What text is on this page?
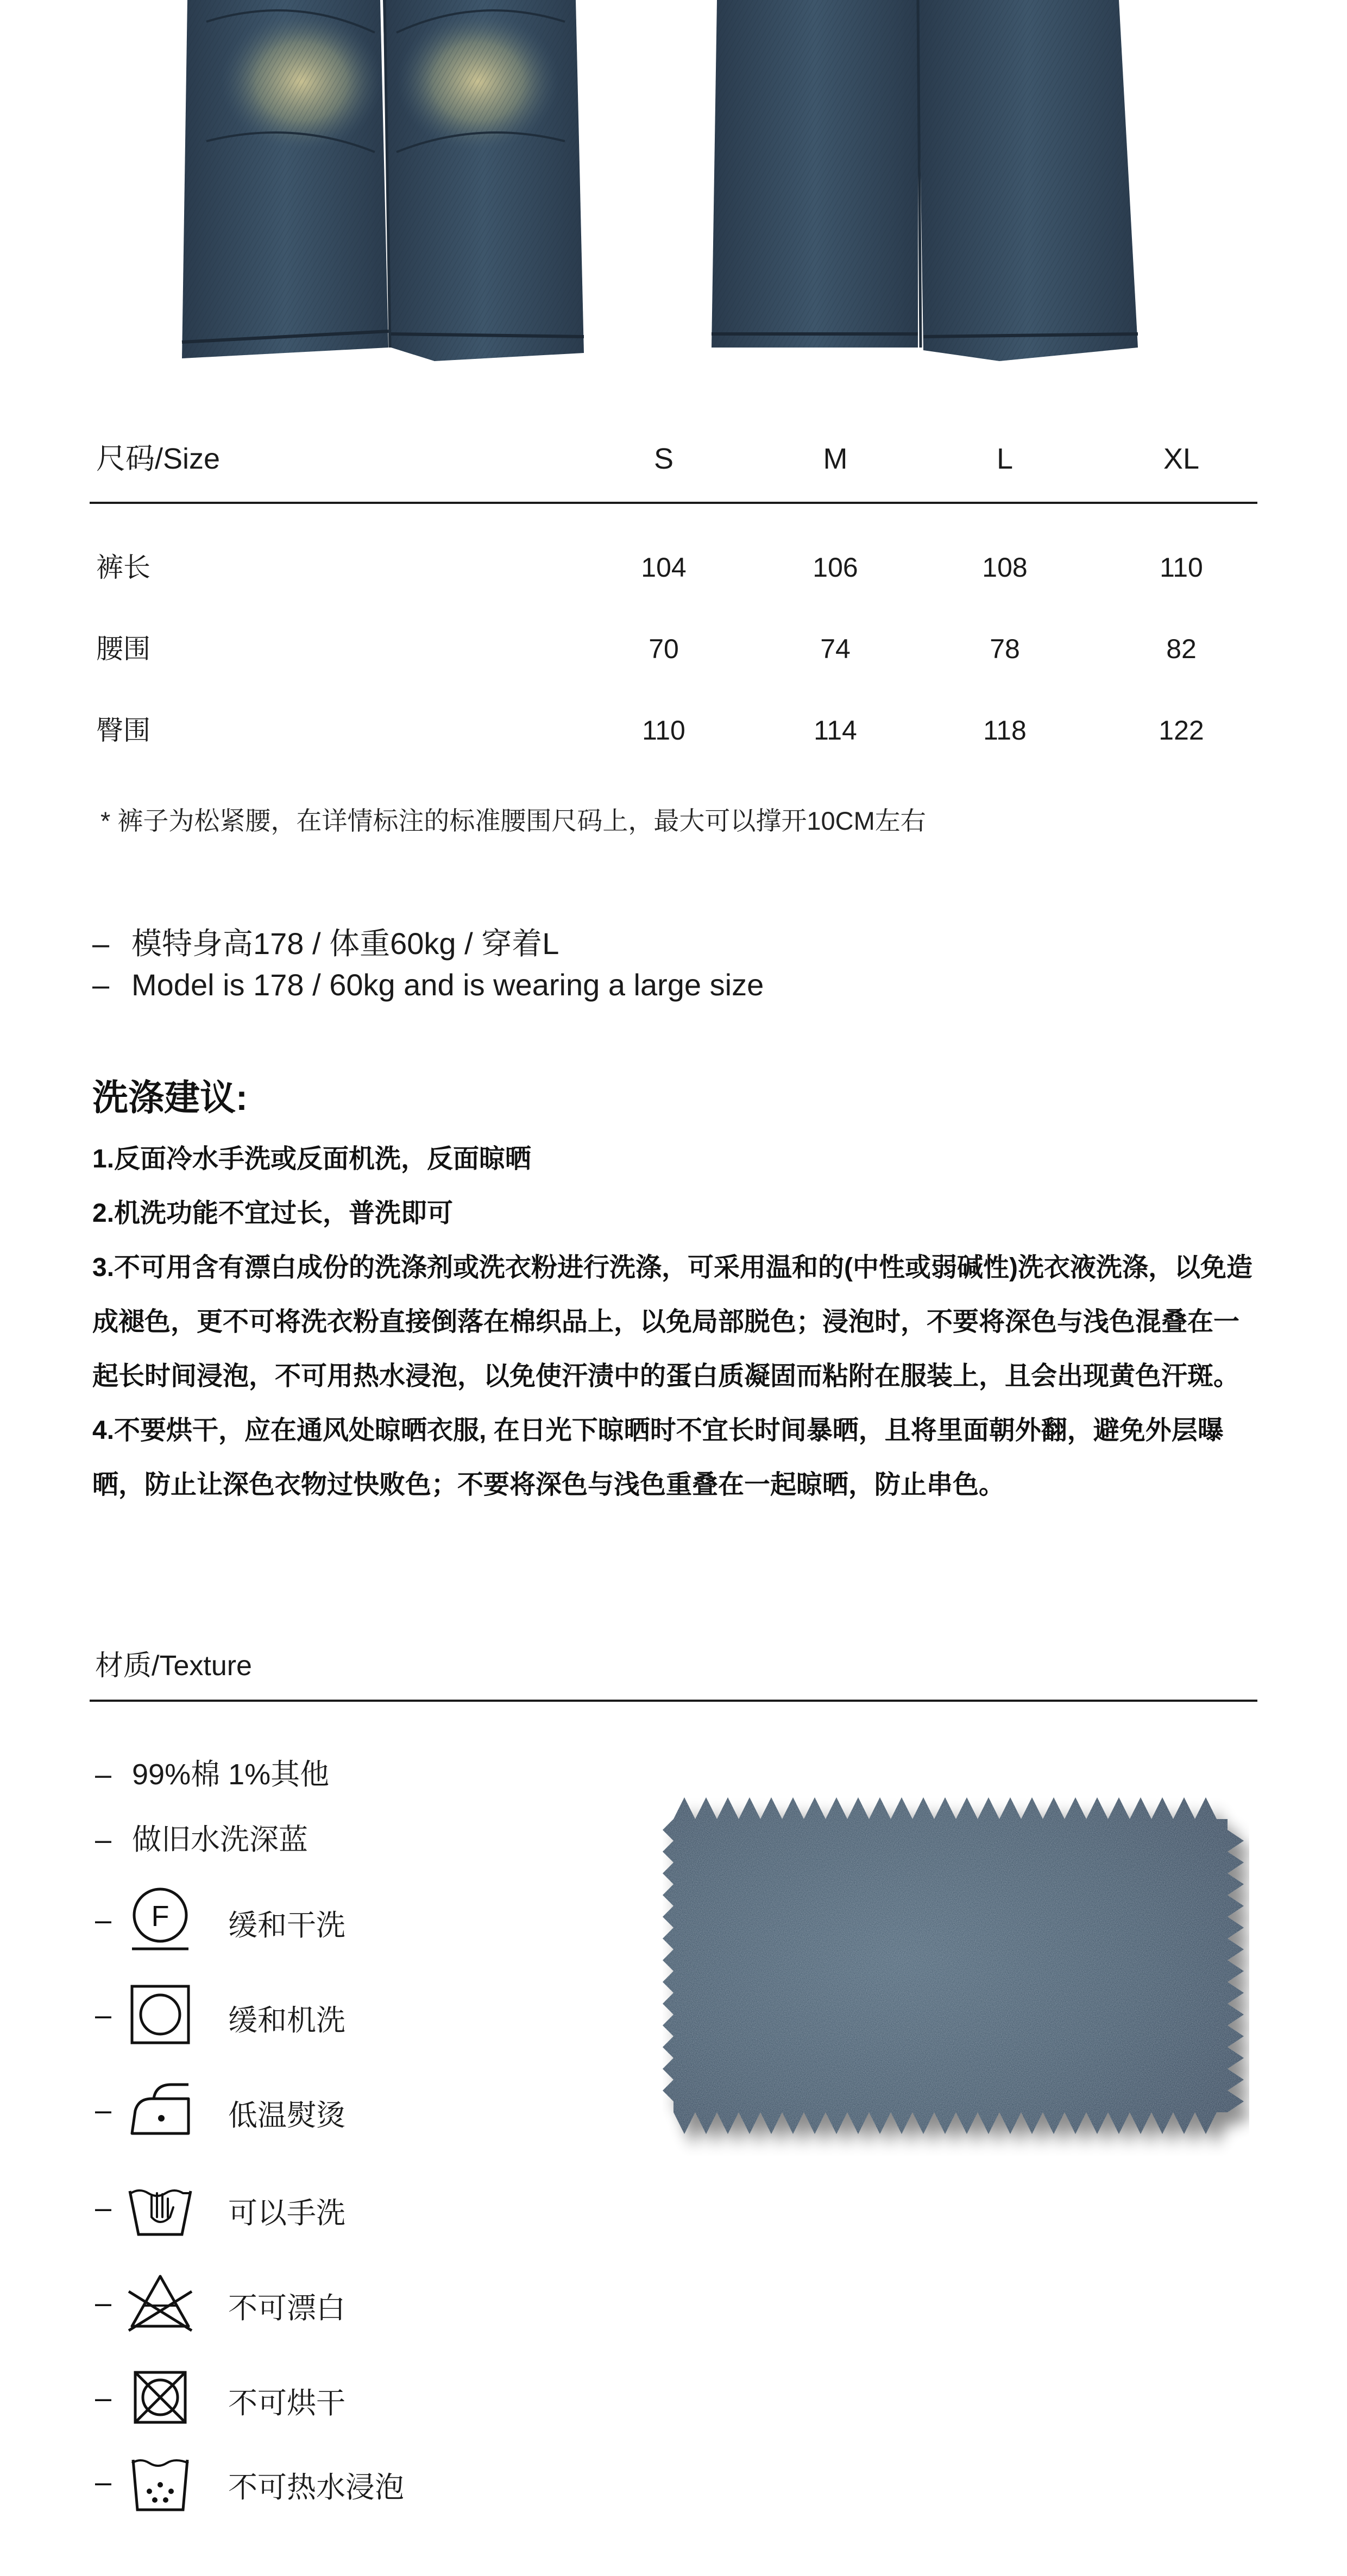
尺码/Size	S	M	L	XL
裤长	104	106	108	110
腰围	70	74	78	82
臀围	110	114	118	122
* 裤子为松紧腰，在详情标注的标准腰围尺码上，最大可以撑开10CM左右
– 模特身高178 / 体重60kg / 穿着L
– Model is 178 / 60kg and is wearing a large size
洗涤建议:

1.反面冷水手洗或反面机洗，反面晾晒

2.机洗功能不宜过长，普洗即可

3.不可用含有漂白成份的洗涤剂或洗衣粉进行洗涤，可采用温和的(中性或弱碱性)洗衣液洗涤，以免造成褪色，更不可将洗衣粉直接倒落在棉织品上，以免局部脱色；浸泡时，不要将深色与浅色混叠在一起长时间浸泡，不可用热水浸泡，以免使汗渍中的蛋白质凝固而粘附在服装上，且会出现黄色汗斑。

4.不要烘干，应在通风处晾晒衣服, 在日光下晾晒时不宜长时间暴晒，且将里面朝外翻，避免外层曝晒，防止让深色衣物过快败色；不要将深色与浅色重叠在一起晾晒，防止串色。

材质/Texture
– 99%棉 1%其他
– 做旧水洗深蓝
– F 缓和干洗
–	缓和机洗
–	低温熨烫
–	可以手洗
–	不可漂白
–	不可烘干
–	不可热水浸泡
